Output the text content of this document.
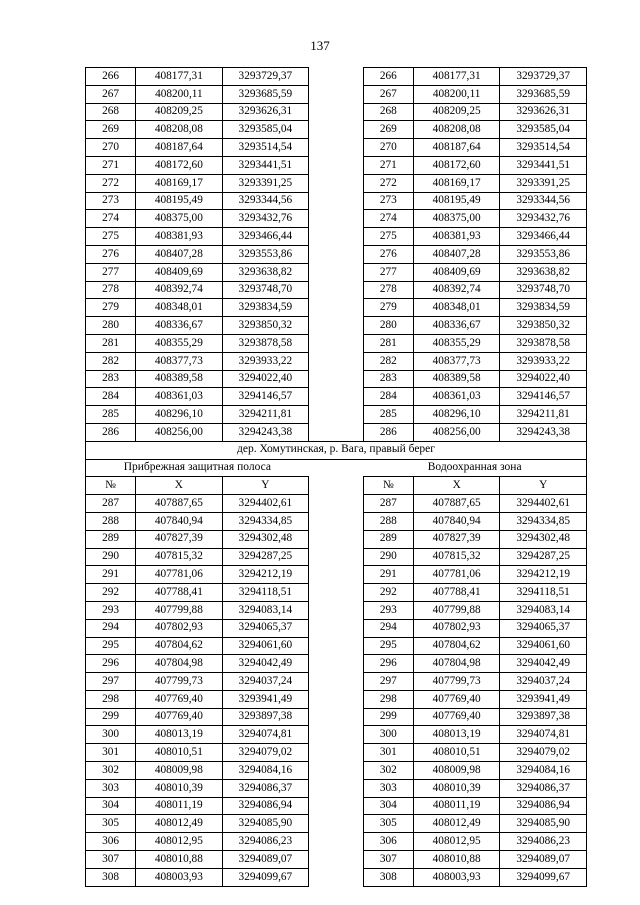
137
266	408177,31	3293729,37		266	408177,31	3293729,37
267	408200,11	3293685,59		267	408200,11	3293685,59
268	408209,25	3293626,31		268	408209,25	3293626,31
269	408208,08	3293585,04		269	408208,08	3293585,04
270	408187,64	3293514,54		270	408187,64	3293514,54
271	408172,60	3293441,51		271	408172,60	3293441,51
272	408169,17	3293391,25		272	408169,17	3293391,25
273	408195,49	3293344,56		273	408195,49	3293344,56
274	408375,00	3293432,76		274	408375,00	3293432,76
275	408381,93	3293466,44		275	408381,93	3293466,44
276	408407,28	3293553,86		276	408407,28	3293553,86
277	408409,69	3293638,82		277	408409,69	3293638,82
278	408392,74	3293748,70		278	408392,74	3293748,70
279	408348,01	3293834,59		279	408348,01	3293834,59
280	408336,67	3293850,32		280	408336,67	3293850,32
281	408355,29	3293878,58		281	408355,29	3293878,58
282	408377,73	3293933,22		282	408377,73	3293933,22
283	408389,58	3294022,40		283	408389,58	3294022,40
284	408361,03	3294146,57		284	408361,03	3294146,57
285	408296,10	3294211,81		285	408296,10	3294211,81
286	408256,00	3294243,38		286	408256,00	3294243,38
дер. Хомутинская, р. Вага, правый берег						
Прибрежная защитная полоса				Водоохранная зона		
№	X	Y		№	X	Y
287	407887,65	3294402,61		287	407887,65	3294402,61
288	407840,94	3294334,85		288	407840,94	3294334,85
289	407827,39	3294302,48		289	407827,39	3294302,48
290	407815,32	3294287,25		290	407815,32	3294287,25
291	407781,06	3294212,19		291	407781,06	3294212,19
292	407788,41	3294118,51		292	407788,41	3294118,51
293	407799,88	3294083,14		293	407799,88	3294083,14
294	407802,93	3294065,37		294	407802,93	3294065,37
295	407804,62	3294061,60		295	407804,62	3294061,60
296	407804,98	3294042,49		296	407804,98	3294042,49
297	407799,73	3294037,24		297	407799,73	3294037,24
298	407769,40	3293941,49		298	407769,40	3293941,49
299	407769,40	3293897,38		299	407769,40	3293897,38
300	408013,19	3294074,81		300	408013,19	3294074,81
301	408010,51	3294079,02		301	408010,51	3294079,02
302	408009,98	3294084,16		302	408009,98	3294084,16
303	408010,39	3294086,37		303	408010,39	3294086,37
304	408011,19	3294086,94		304	408011,19	3294086,94
305	408012,49	3294085,90		305	408012,49	3294085,90
306	408012,95	3294086,23		306	408012,95	3294086,23
307	408010,88	3294089,07		307	408010,88	3294089,07
308	408003,93	3294099,67		308	408003,93	3294099,67
